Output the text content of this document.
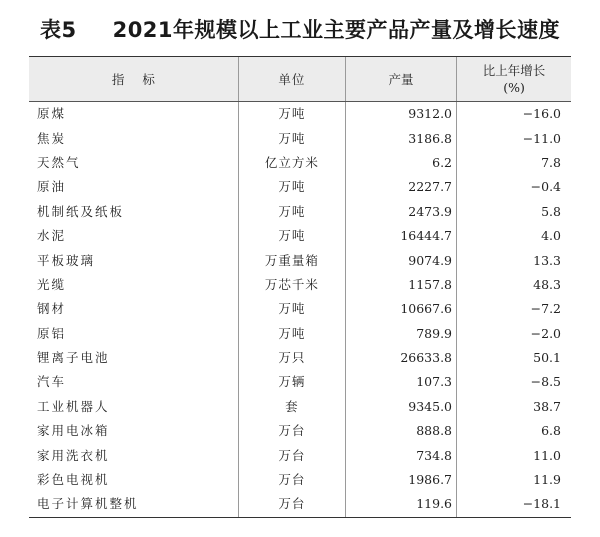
表5 2021年规模以上工业主要产品产量及增长速度
指标	单位	产量	比上年增长
(%)
原煤	万吨	9312.0	−16.0
焦炭	万吨	3186.8	−11.0
天然气	亿立方米	6.2	7.8
原油	万吨	2227.7	−0.4
机制纸及纸板	万吨	2473.9	5.8
水泥	万吨	16444.7	4.0
平板玻璃	万重量箱	9074.9	13.3
光缆	万芯千米	1157.8	48.3
钢材	万吨	10667.6	−7.2
原铝	万吨	789.9	−2.0
锂离子电池	万只	26633.8	50.1
汽车	万辆	107.3	−8.5
工业机器人	套	9345.0	38.7
家用电冰箱	万台	888.8	6.8
家用洗衣机	万台	734.8	11.0
彩色电视机	万台	1986.7	11.9
电子计算机整机	万台	119.6	−18.1
